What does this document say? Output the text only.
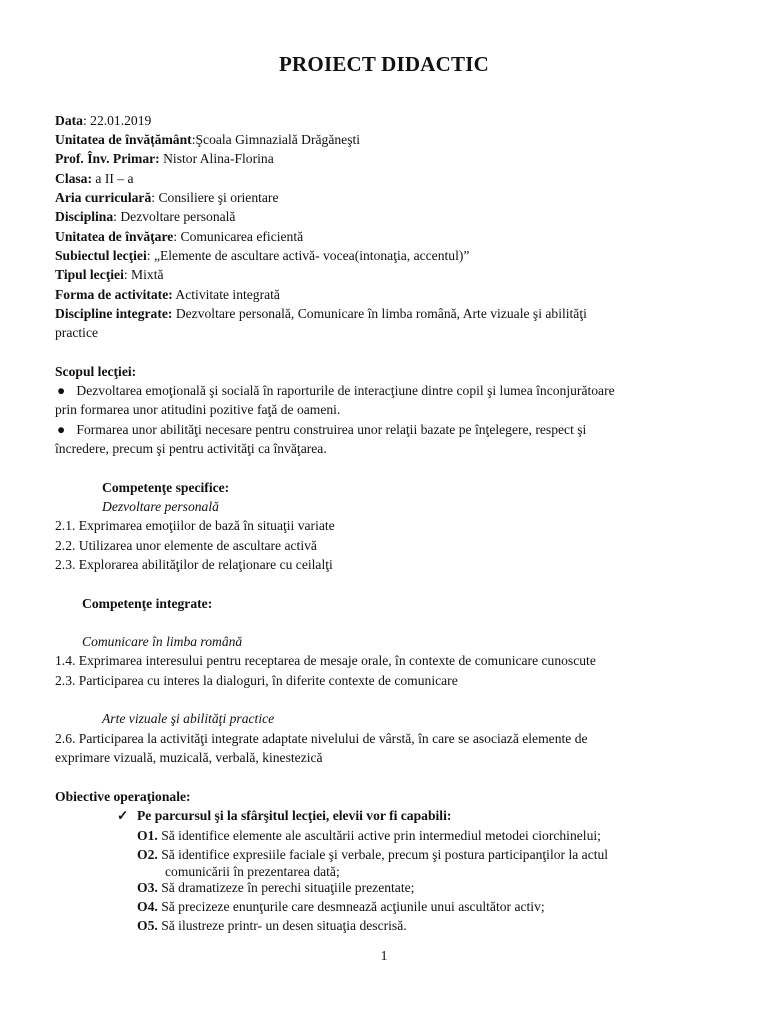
PROIECT DIDACTIC
Data: 22.01.2019
Unitatea de învățământ:Şcoala Gimnazială Drăgăneşti
Prof. Înv. Primar: Nistor Alina-Florina
Clasa: a II – a
Aria curriculară: Consiliere şi orientare
Disciplina: Dezvoltare personală
Unitatea de învăţare: Comunicarea eficientă
Subiectul lecţiei: „Elemente de ascultare activă- vocea(intonaţia, accentul)”
Tipul lecţiei: Mixtă
Forma de activitate: Activitate integrată
Discipline integrate: Dezvoltare personală, Comunicare în limba română, Arte vizuale şi abilităţi
practice
Scopul lecţiei:
● Dezvoltarea emoţională şi socială în raporturile de interacţiune dintre copil şi lumea înconjurătoare
prin formarea unor atitudini pozitive faţă de oameni.
● Formarea unor abilităţi necesare pentru construirea unor relaţii bazate pe înţelegere, respect şi
încredere, precum şi pentru activităţi ca învăţarea.
Competenţe specifice:
Dezvoltare personală
2.1. Exprimarea emoţiilor de bază în situaţii variate
2.2. Utilizarea unor elemente de ascultare activă
2.3. Explorarea abilităţilor de relaţionare cu ceilalţi
Competenţe integrate:
Comunicare în limba română
1.4. Exprimarea interesului pentru receptarea de mesaje orale, în contexte de comunicare cunoscute
2.3. Participarea cu interes la dialoguri, în diferite contexte de comunicare
Arte vizuale şi abilităţi practice
2.6. Participarea la activităţi integrate adaptate nivelului de vârstă, în care se asociază elemente de
exprimare vizuală, muzicală, verbală, kinestezică
Obiective operaţionale:
✓ Pe parcursul şi la sfârşitul lecţiei, elevii vor fi capabili:
O1. Să identifice elemente ale ascultării active prin intermediul metodei ciorchinelui;
O2. Să identifice expresiile faciale şi verbale, precum şi postura participanţilor la actul
comunicării în prezentarea dată;
O3. Să dramatizeze în perechi situaţiile prezentate;
O4. Să precizeze enunţurile care desmnează acţiunile unui ascultător activ;
O5. Să ilustreze printr- un desen situaţia descrisă.
1
